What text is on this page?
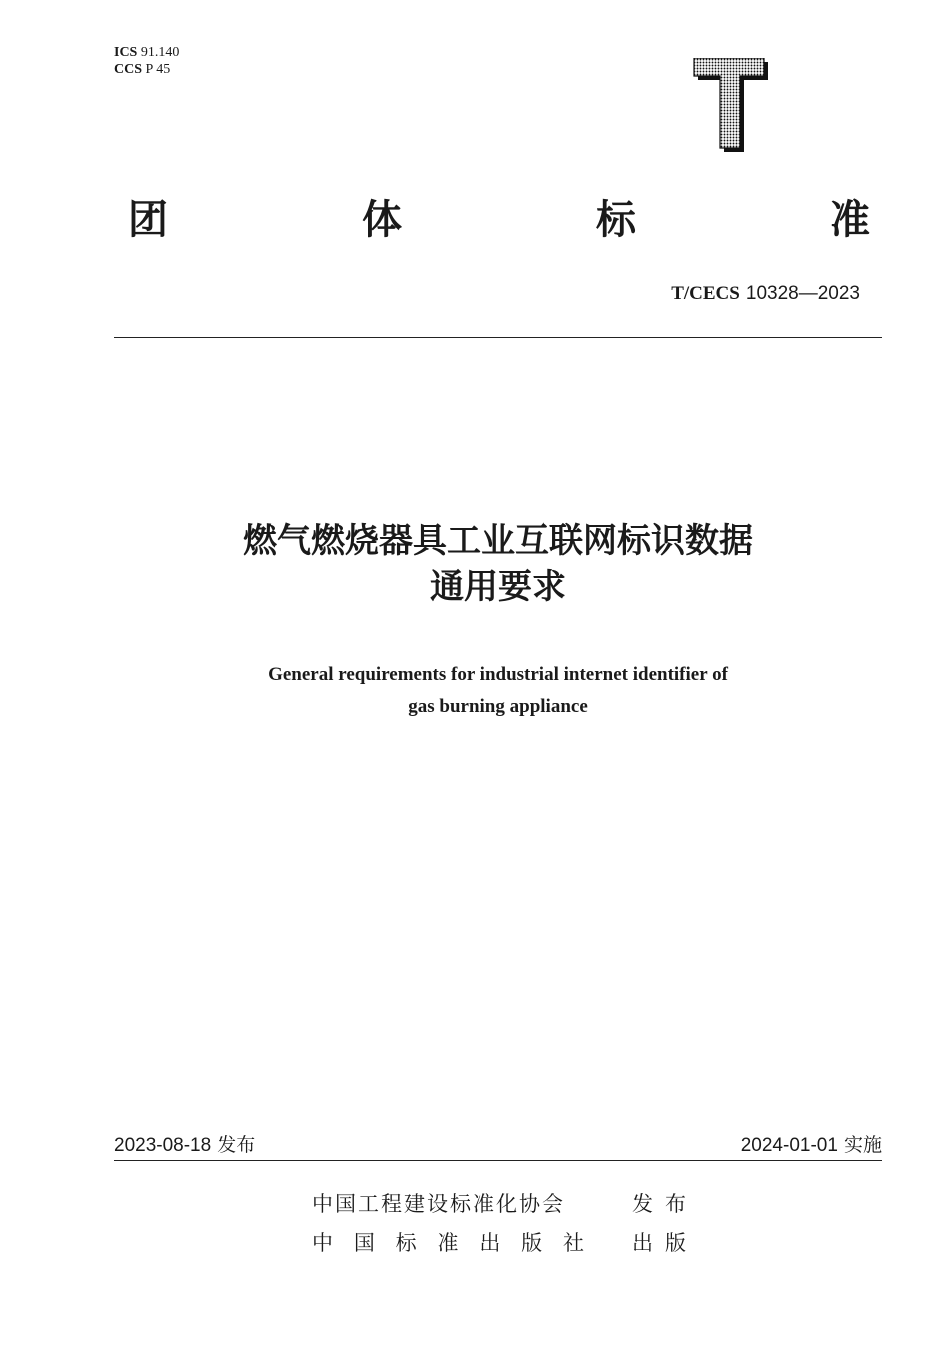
ICS 91.140
CCS P 45
T
团	体	标	准
T/CECS 10328—2023
燃气燃烧器具工业互联网标识数据
通用要求
General requirements for industrial internet identifier of
gas burning appliance
2023-08-18 发布	2024-01-01 实施
中国工程建设标准化协会	发布
中 国 标 准 出 版 社 出版
